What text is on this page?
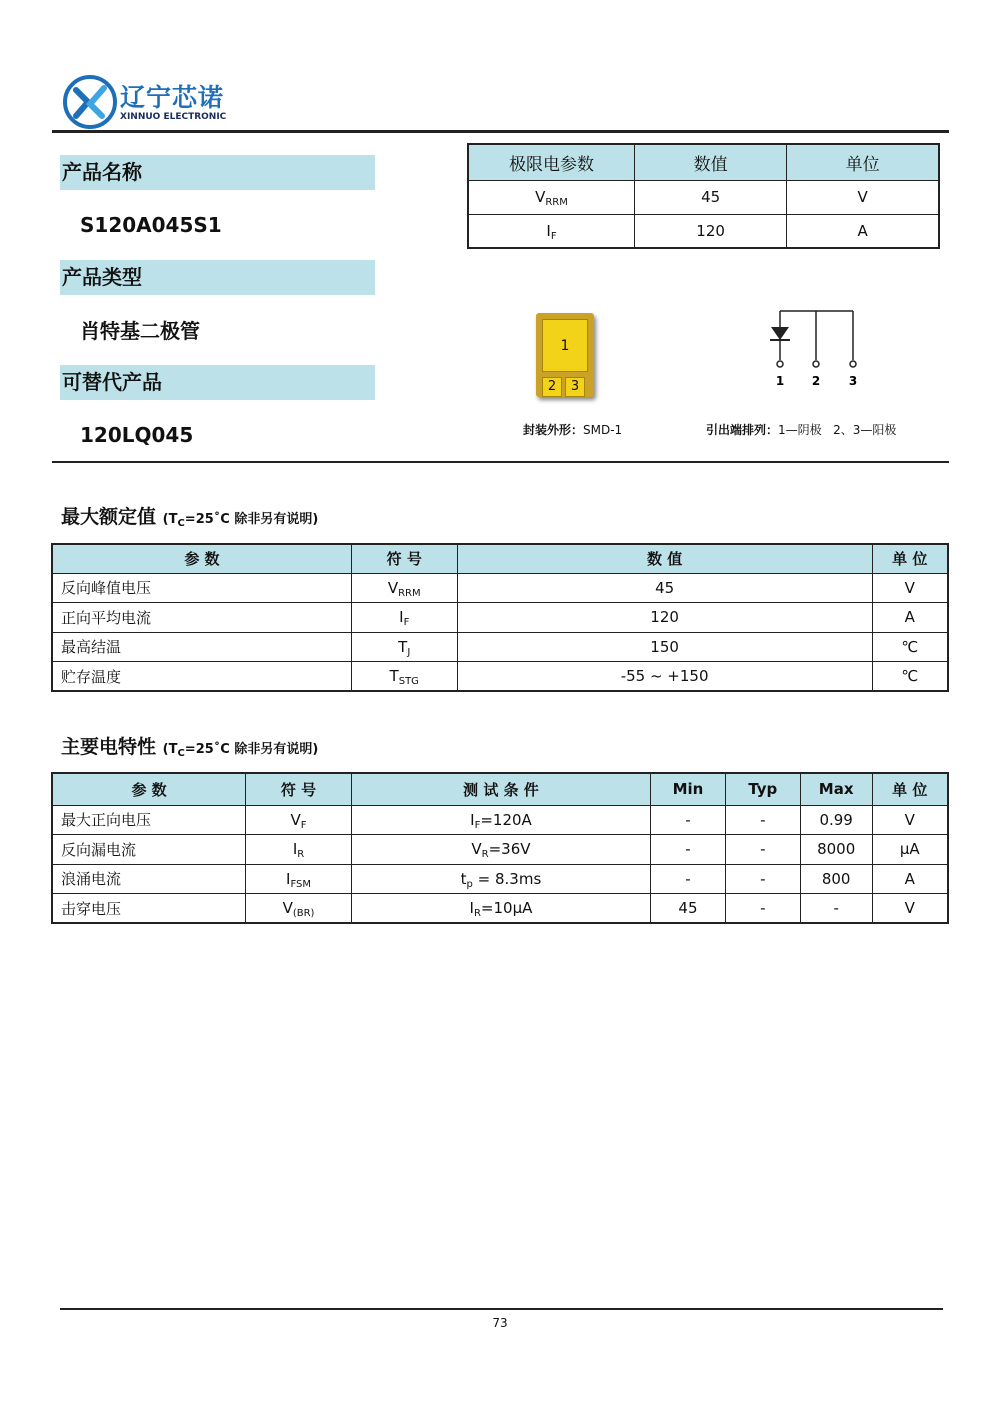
辽宁芯诺
XINNUO ELECTRONIC
产品名称
S120A045S1
产品类型
肖特基二极管
可替代产品
120LQ045
极限电参数	数值	单位
$V_{RRM}$	45	V
$I_F$	120	A
1
2	3
封装外形：SMD-1
1 2 3
引出端排列：1—阴极   2、3—阳极
最大额定值 ($T_C=25˚C$ 除非另有说明)
参 数	符 号	数 值	单 位
反向峰值电压	$V_{RRM}$	45	V
正向平均电流	$I_F$	120	A
最高结温	$T_J$	150	℃
贮存温度	$T_{STG}$	-55 ~ +150	℃
主要电特性 ($T_C=25˚C$ 除非另有说明)
参 数	符 号	测 试 条 件	Min	Typ	Max	单 位
最大正向电压	$V_F$	$I_F=120A$	-	-	0.99	V
反向漏电流	$I_R$	$V_R=36V$	-	-	8000	μA
浪涌电流	$I_{FSM}$	$t_p = 8.3ms$	-	-	800	A
击穿电压	$V_{(BR)}$	$I_R=10\mu A$	45	-	-	V
73
